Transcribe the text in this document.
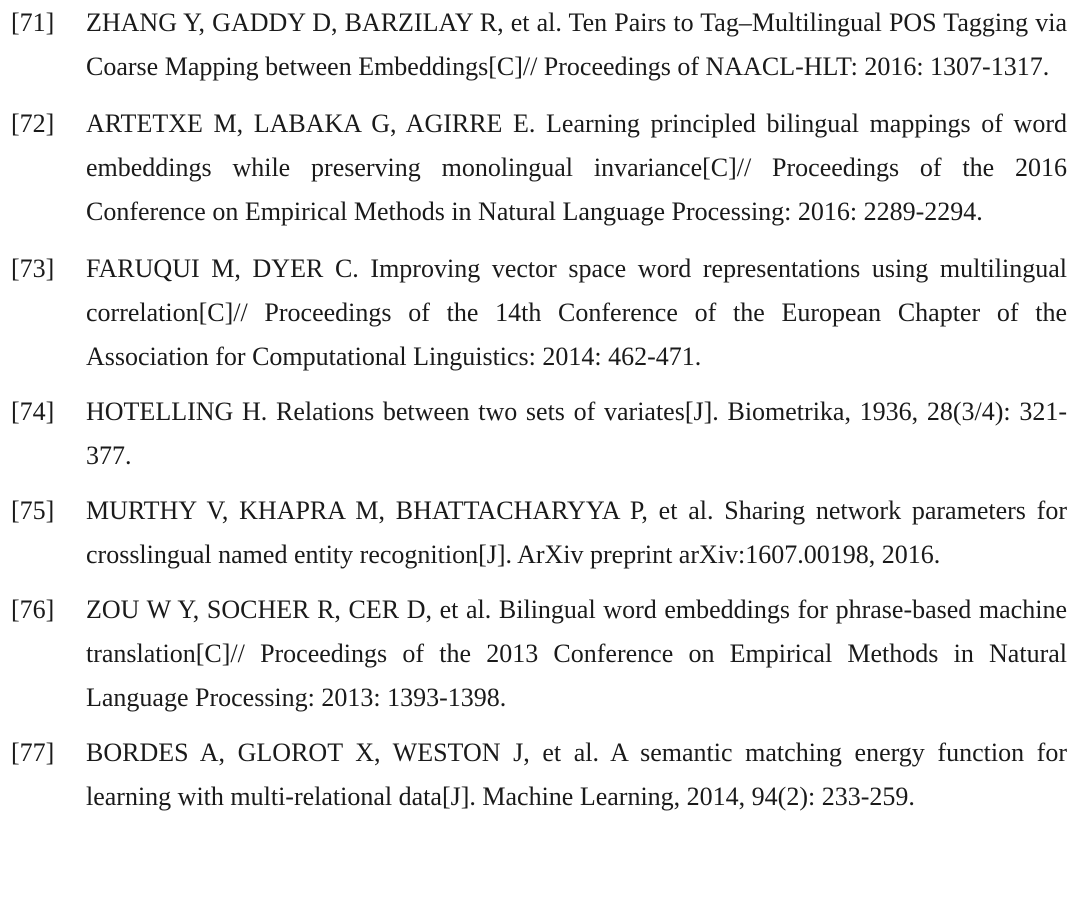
[71]	ZHANG Y, GADDY D, BARZILAY R, et al. Ten Pairs to Tag–Multilingual POS Tagging via Coarse Mapping between Embeddings[C]// Proceedings of NAACL-HLT: 2016: 1307-1317.
[72]	ARTETXE M, LABAKA G, AGIRRE E. Learning principled bilingual mappings of word embeddings while preserving monolingual invariance[C]// Proceedings of the 2016 Conference on Empirical Methods in Natural Language Processing: 2016: 2289-2294.
[73]	FARUQUI M, DYER C. Improving vector space word representations using multilingual correlation[C]// Proceedings of the 14th Conference of the European Chapter of the Association for Computational Linguistics: 2014: 462-471.
[74]	HOTELLING H. Relations between two sets of variates[J]. Biometrika, 1936, 28(3/4): 321-377.
[75]	MURTHY V, KHAPRA M, BHATTACHARYYA P, et al. Sharing network parameters for crosslingual named entity recognition[J]. ArXiv preprint arXiv:1607.00198, 2016.
[76]	ZOU W Y, SOCHER R, CER D, et al. Bilingual word embeddings for phrase-based machine translation[C]// Proceedings of the 2013 Conference on Empirical Methods in Natural Language Processing: 2013: 1393-1398.
[77]	BORDES A, GLOROT X, WESTON J, et al. A semantic matching energy function for learning with multi-relational data[J]. Machine Learning, 2014, 94(2): 233-259.
